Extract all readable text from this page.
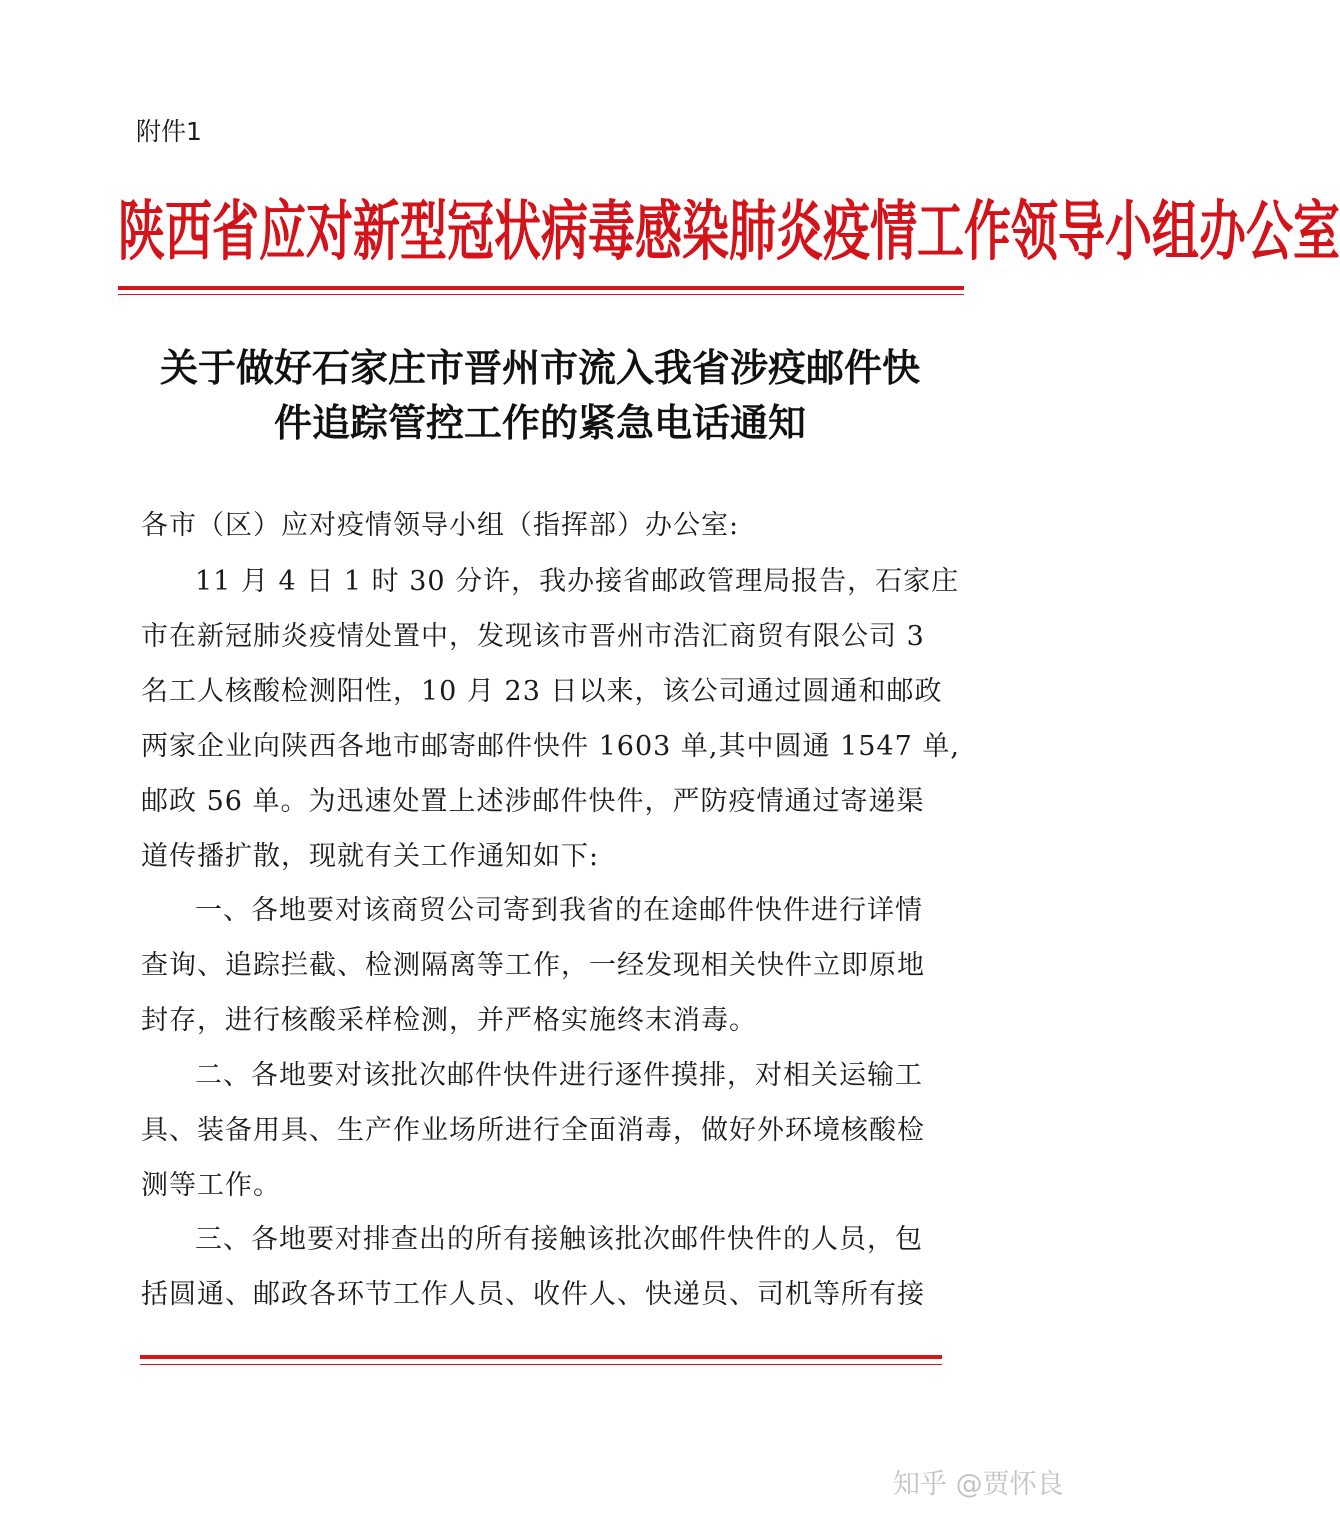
附件1
陕西省应对新型冠状病毒感染肺炎疫情工作领导小组办公室
关于做好石家庄市晋州市流入我省涉疫邮件快
件追踪管控工作的紧急电话通知
各市（区）应对疫情领导小组（指挥部）办公室:
11 月 4 日 1 时 30 分许，我办接省邮政管理局报告，石家庄
市在新冠肺炎疫情处置中，发现该市晋州市浩汇商贸有限公司 3
名工人核酸检测阳性，10 月 23 日以来，该公司通过圆通和邮政
两家企业向陕西各地市邮寄邮件快件 1603 单,其中圆通 1547 单,
邮政 56 单。为迅速处置上述涉邮件快件，严防疫情通过寄递渠
道传播扩散，现就有关工作通知如下:
一、各地要对该商贸公司寄到我省的在途邮件快件进行详情
查询、追踪拦截、检测隔离等工作，一经发现相关快件立即原地
封存，进行核酸采样检测，并严格实施终末消毒。
二、各地要对该批次邮件快件进行逐件摸排，对相关运输工
具、装备用具、生产作业场所进行全面消毒，做好外环境核酸检
测等工作。
三、各地要对排查出的所有接触该批次邮件快件的人员，包
括圆通、邮政各环节工作人员、收件人、快递员、司机等所有接
知乎 @贾怀良
